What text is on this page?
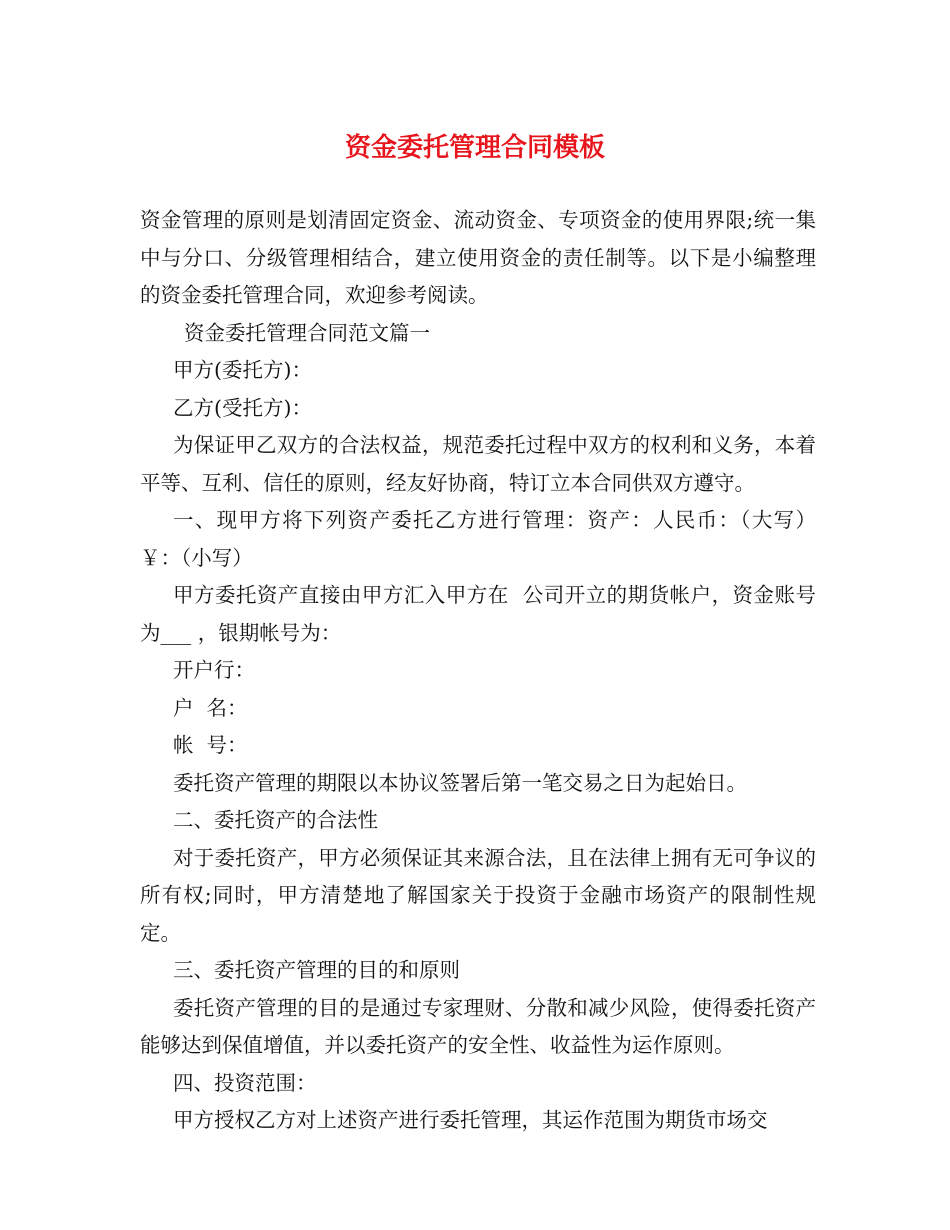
资金委托管理合同模板

资金管理的原则是划清固定资金、流动资金、专项资金的使用界限;统一集中与分口、分级管理相结合，建立使用资金的责任制等。以下是小编整理的资金委托管理合同，欢迎参考阅读。

资金委托管理合同范文篇一

甲方(委托方)：

乙方(受托方)：

为保证甲乙双方的合法权益，规范委托过程中双方的权利和义务，本着平等、互利、信任的原则，经友好协商，特订立本合同供双方遵守。

一、现甲方将下列资产委托乙方进行管理：资产：人民币：（大写）￥：（小写）

甲方委托资产直接由甲方汇入甲方在  公司开立的期货帐户，资金账号为___ ，银期帐号为：

开户行：

户  名：

帐  号：

委托资产管理的期限以本协议签署后第一笔交易之日为起始日。

二、委托资产的合法性

对于委托资产，甲方必须保证其来源合法，且在法律上拥有无可争议的所有权;同时，甲方清楚地了解国家关于投资于金融市场资产的限制性规定。

三、委托资产管理的目的和原则

委托资产管理的目的是通过专家理财、分散和减少风险，使得委托资产能够达到保值增值，并以委托资产的安全性、收益性为运作原则。

四、投资范围：

甲方授权乙方对上述资产进行委托管理，其运作范围为期货市场交
